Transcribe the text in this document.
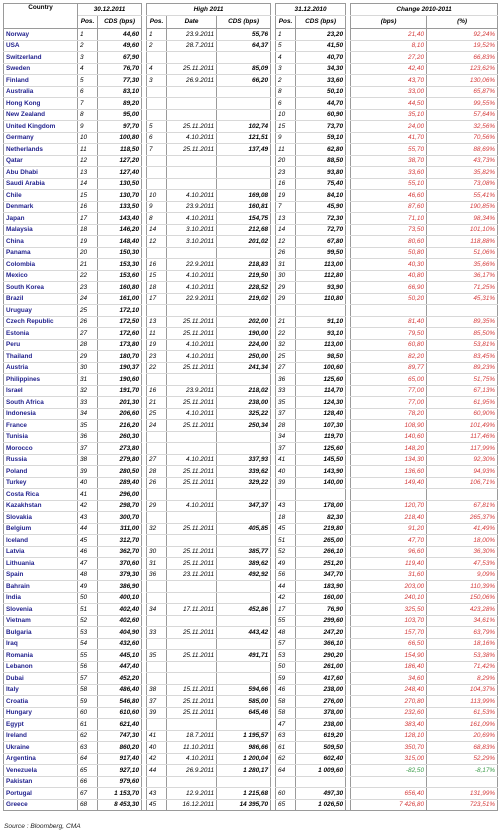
Country	30.12.2011			High 2011				31.12.2010			Change 2010-2011	
	Pos.	CDS (bps)		Pos.	Date	CDS (bps)		Pos.	CDS (bps)		(bps)	(%)
Norway	1	44,60		1	23.9.2011	55,76		1	23,20		21,40	92,24%
USA	2	49,60		2	28.7.2011	64,37		5	41,50		8,10	19,52%
Switzerland	3	67,90						4	40,70		27,20	66,83%
Sweden	4	76,70		4	25.11.2011	85,09		3	34,30		42,40	123,62%
Finland	5	77,30		3	26.9.2011	66,20		2	33,60		43,70	130,06%
Australia	6	83,10						8	50,10		33,00	65,87%
Hong Kong	7	89,20						6	44,70		44,50	99,55%
New Zealand	8	95,00						10	60,90		35,10	57,64%
United Kingdom	9	97,70		5	25.11.2011	102,74		15	73,70		24,00	32,56%
Germany	10	100,80		6	4.10.2011	121,51		9	59,10		41,70	70,56%
Netherlands	11	118,50		7	25.11.2011	137,49		11	62,80		55,70	88,69%
Qatar	12	127,20						20	88,50		38,70	43,73%
Abu Dhabi	13	127,40						23	93,80		33,60	35,82%
Saudi Arabia	14	130,50						16	75,40		55,10	73,08%
Chile	15	130,70		10	4.10.2011	169,08		19	84,10		46,60	55,41%
Denmark	16	133,50		9	23.9.2011	160,81		7	45,90		87,60	190,85%
Japan	17	143,40		8	4.10.2011	154,75		13	72,30		71,10	98,34%
Malaysia	18	146,20		14	3.10.2011	212,68		14	72,70		73,50	101,10%
China	19	148,40		12	3.10.2011	201,02		12	67,80		80,60	118,88%
Panama	20	150,30						26	99,50		50,80	51,06%
Colombia	21	153,30		16	22.9.2011	218,83		31	113,00		40,30	35,66%
Mexico	22	153,60		15	4.10.2011	219,50		30	112,80		40,80	36,17%
South Korea	23	160,80		18	4.10.2011	228,52		29	93,90		66,90	71,25%
Brazil	24	161,00		17	22.9.2011	219,02		29	110,80		50,20	45,31%
Uruguay	25	172,10										
Czech Republic	26	172,50		13	25.11.2011	202,00		21	91,10		81,40	89,35%
Estonia	27	172,60		11	25.11.2011	190,00		22	93,10		79,50	85,50%
Peru	28	173,80		19	4.10.2011	224,00		32	113,00		60,80	53,81%
Thailand	29	180,70		23	4.10.2011	250,00		25	98,50		82,20	83,45%
Austria	30	190,37		22	25.11.2011	241,34		27	100,60		89,77	89,23%
Philippines	31	190,60						36	125,60		65,00	51,75%
Israel	32	191,70		16	23.9.2011	218,02		33	114,70		77,00	67,13%
South Africa	33	201,30		21	25.11.2011	238,00		35	124,30		77,00	61,95%
Indonesia	34	206,60		25	4.10.2011	325,22		37	128,40		78,20	60,90%
France	35	216,20		24	25.11.2011	250,34		28	107,30		108,90	101,49%
Tunisia	36	260,30						34	119,70		140,60	117,46%
Morocco	37	273,80						37	125,60		148,20	117,99%
Russia	38	279,80		27	4.10.2011	337,93		41	145,50		134,30	92,30%
Poland	39	280,50		28	25.11.2011	339,62		40	143,90		136,60	94,93%
Turkey	40	289,40		26	25.11.2011	329,22		39	140,00		149,40	106,71%
Costa Rica	41	296,00										
Kazakhstan	42	298,70		29	4.10.2011	347,37		43	178,00		120,70	67,81%
Slovakia	43	300,70						18	82,30		218,40	265,37%
Belgium	44	311,00		32	25.11.2011	405,85		45	219,80		91,20	41,49%
Iceland	45	312,70						51	265,00		47,70	18,00%
Latvia	46	362,70		30	25.11.2011	385,77		52	266,10		96,60	36,30%
Lithuania	47	370,60		31	25.11.2011	389,62		49	251,20		119,40	47,53%
Spain	48	379,30		36	23.11.2011	492,92		56	347,70		31,60	9,09%
Bahrain	49	386,90						44	183,90		203,00	110,39%
India	50	400,10						42	160,00		240,10	150,06%
Slovenia	51	402,40		34	17.11.2011	452,86		17	76,90		325,50	423,28%
Vietnam	52	402,60						55	299,60		103,70	34,61%
Bulgaria	53	404,90		33	25.11.2011	443,42		48	247,20		157,70	63,79%
Iraq	54	432,60						57	366,10		66,50	18,16%
Romania	55	445,10		35	25.11.2011	491,71		53	290,20		154,90	53,38%
Lebanon	56	447,40						50	261,00		186,40	71,42%
Dubai	57	452,20						59	417,60		34,60	8,29%
Italy	58	486,40		38	15.11.2011	594,66		46	238,00		248,40	104,37%
Croatia	59	546,80		37	25.11.2011	585,00		58	276,00		270,80	113,99%
Hungary	60	610,60		39	25.11.2011	645,46		58	378,00		232,60	61,53%
Egypt	61	621,40						47	238,00		383,40	161,09%
Ireland	62	747,30		41	18.7.2011	1 195,57		63	619,20		128,10	20,69%
Ukraine	63	860,20		40	11.10.2011	986,66		61	509,50		350,70	68,83%
Argentina	64	917,40		42	4.10.2011	1 200,04		62	602,40		315,00	52,29%
Venezuela	65	927,10		44	26.9.2011	1 280,17		64	1 009,60		-82,50	-8,17%
Pakistan	66	979,60										
Portugal	67	1 153,70		43	12.9.2011	1 215,68		60	497,30		656,40	131,99%
Greece	68	8 453,30		45	16.12.2011	14 395,70		65	1 026,50		7 426,80	723,51%
Source : Bloomberg, CMA
